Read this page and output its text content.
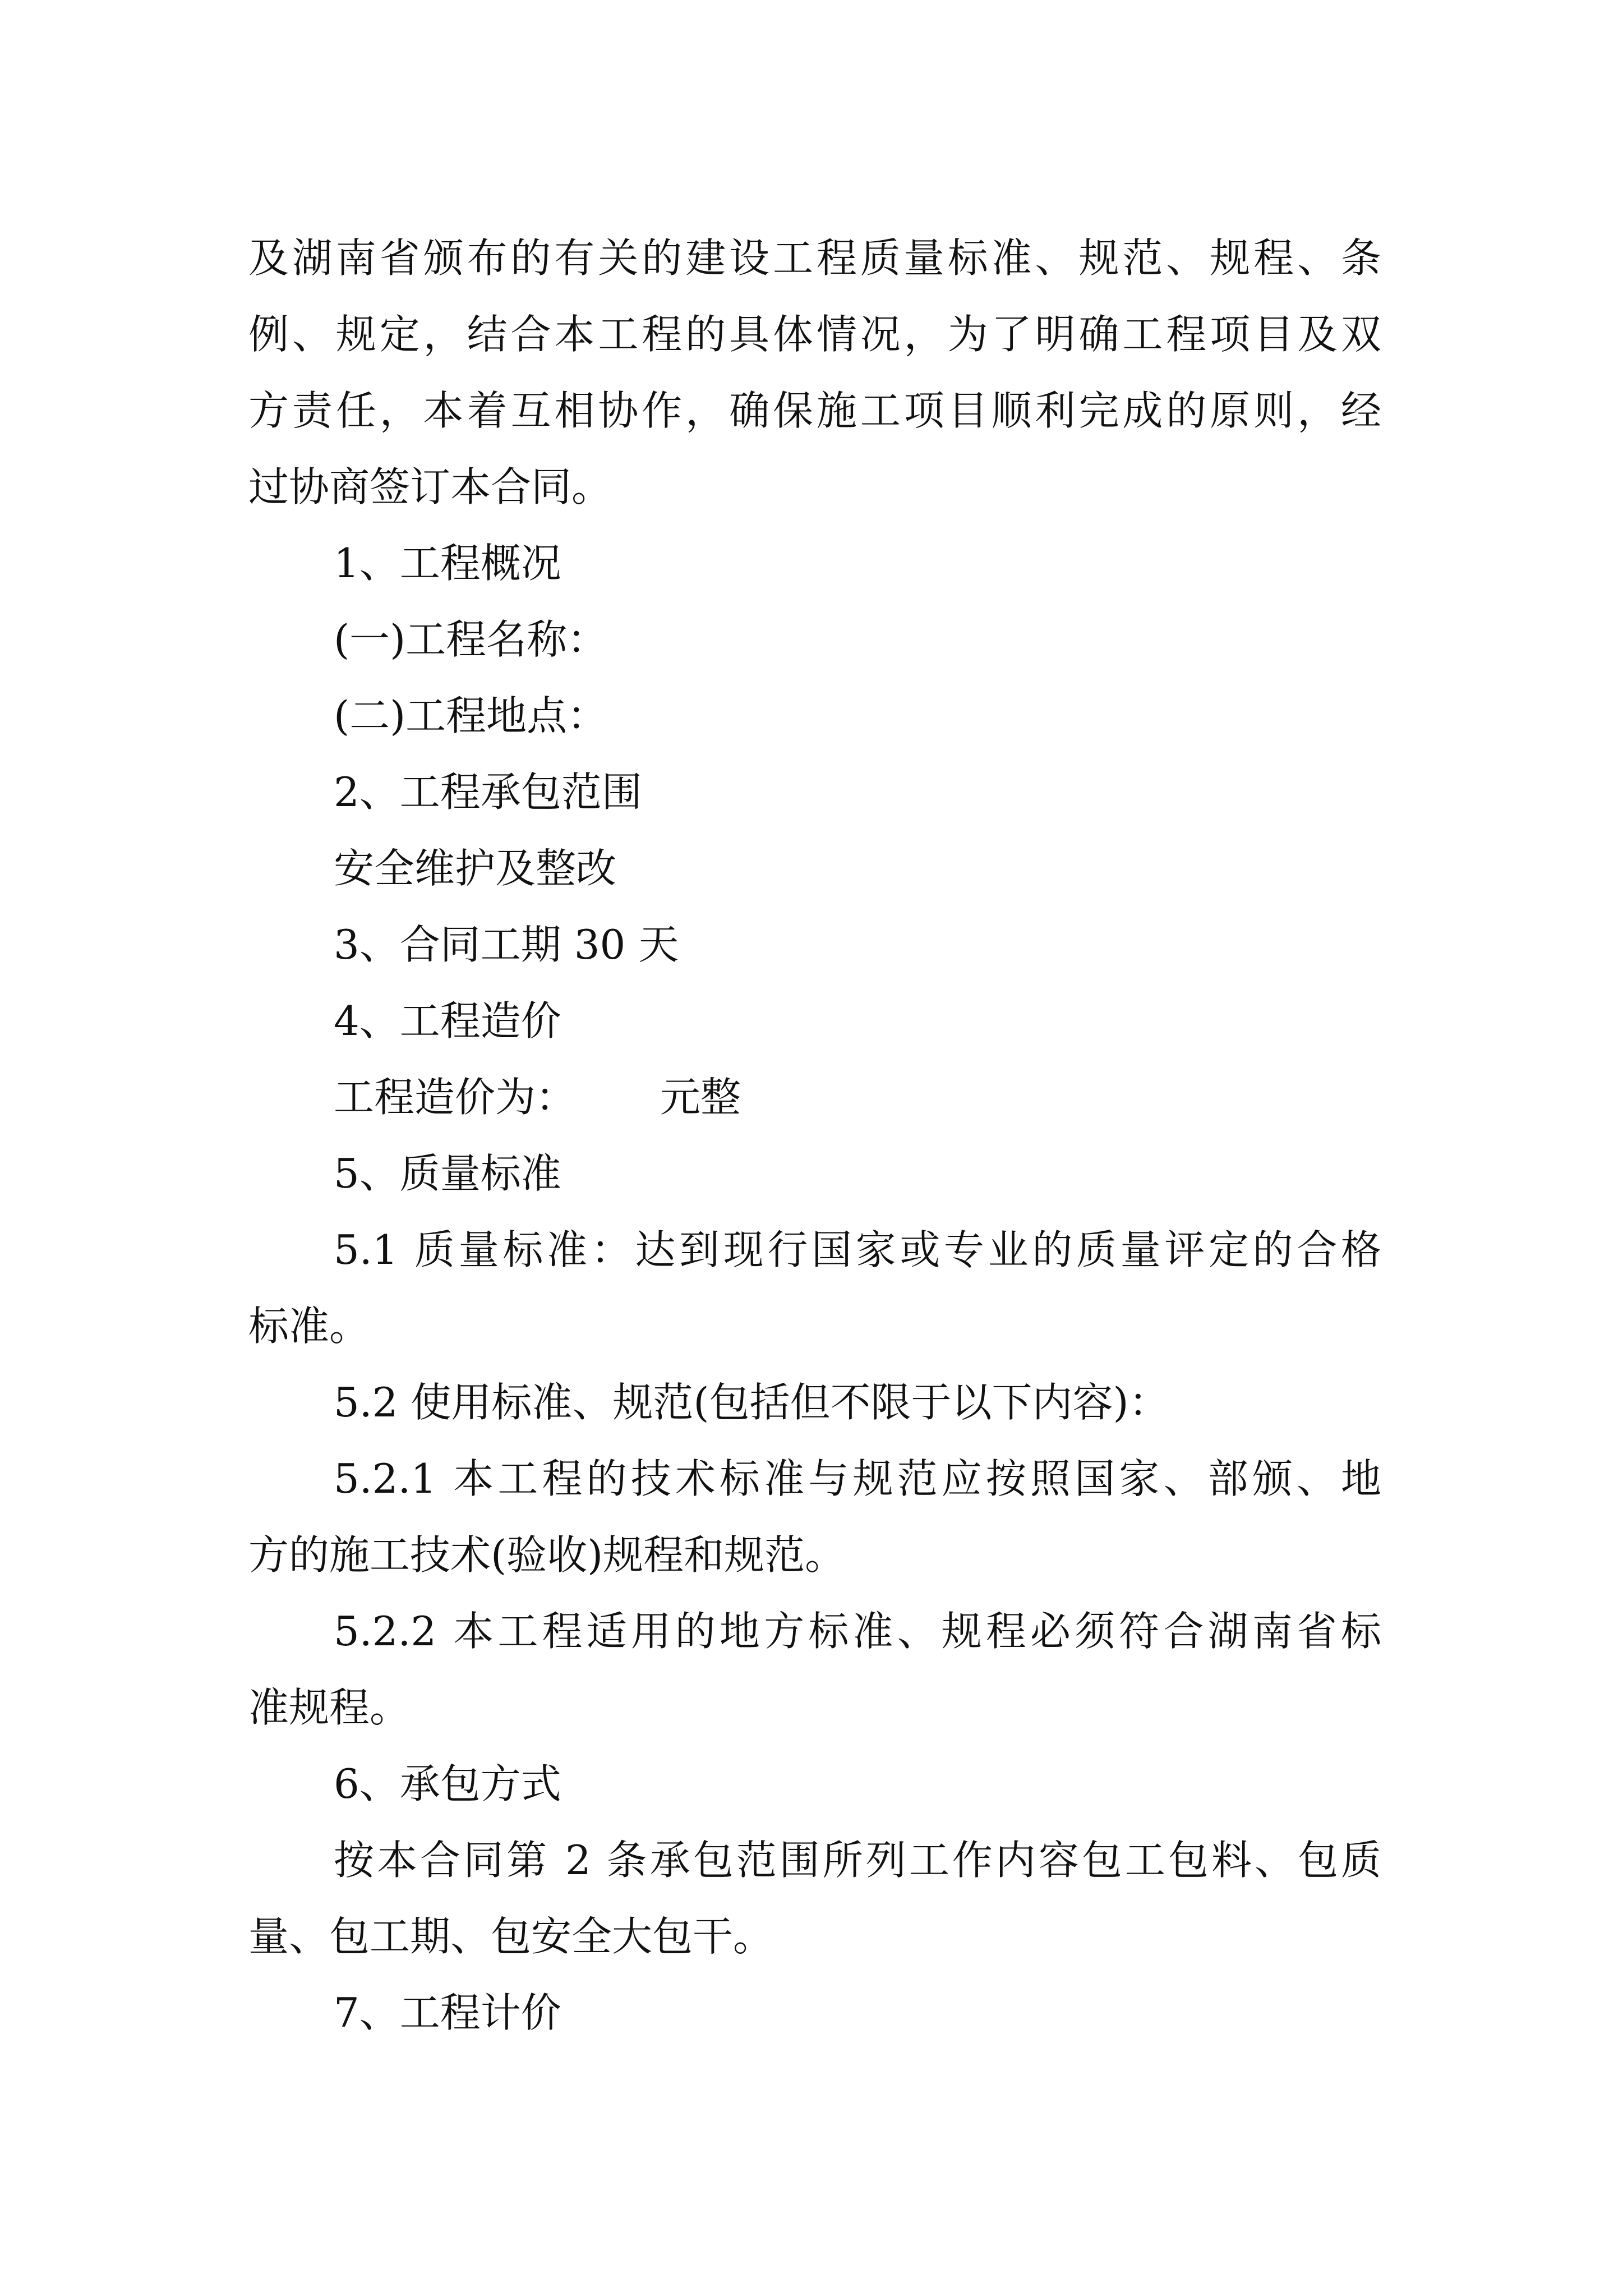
及湖南省颁布的有关的建设工程质量标准、规范、规程、条
例、规定，结合本工程的具体情况，为了明确工程项目及双
方责任，本着互相协作，确保施工项目顺利完成的原则，经
过协商签订本合同。

1、工程概况

(一)工程名称：

(二)工程地点：

2、工程承包范围

安全维护及整改

3、合同工期 30 天

4、工程造价

工程造价为： 元整

5、质量标准

5.1 质量标准：达到现行国家或专业的质量评定的合格
标准。

5.2 使用标准、规范(包括但不限于以下内容)：

5.2.1 本工程的技术标准与规范应按照国家、部颁、地
方的施工技术(验收)规程和规范。

5.2.2 本工程适用的地方标准、规程必须符合湖南省标
准规程。

6、承包方式

按本合同第 2 条承包范围所列工作内容包工包料、包质
量、包工期、包安全大包干。

7、工程计价
